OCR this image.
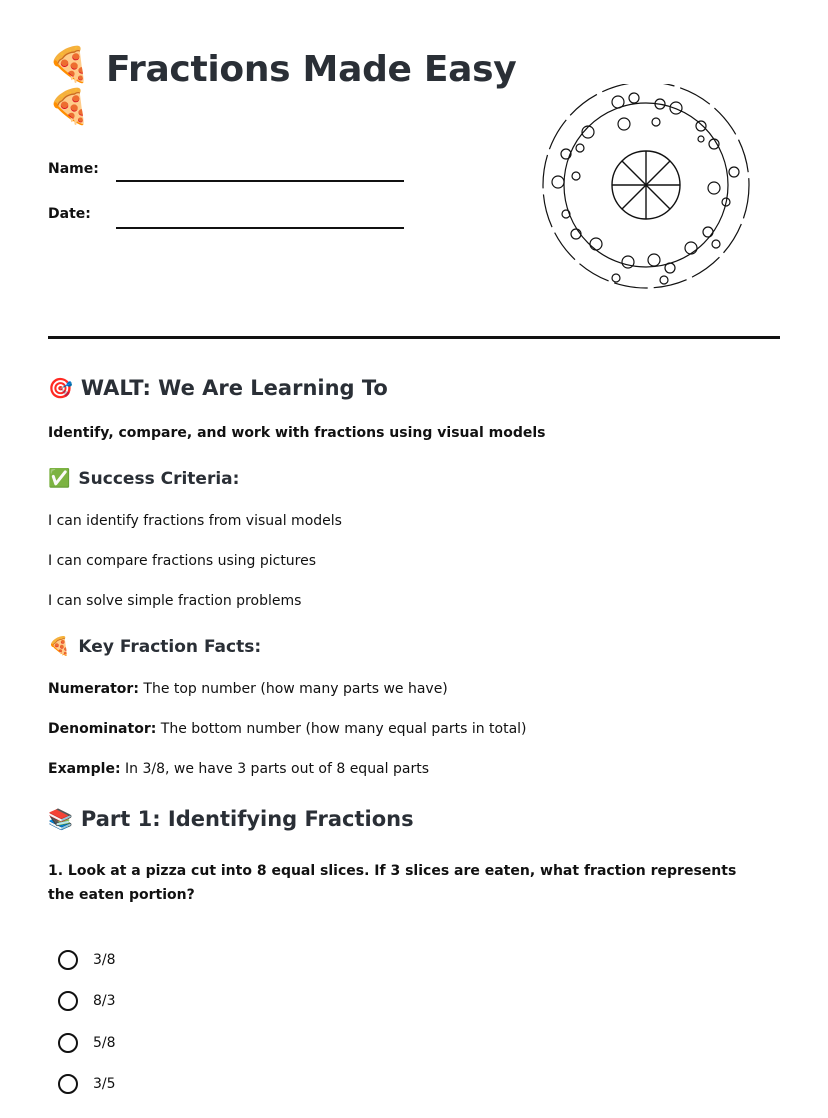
🍕
🍕
Fractions Made Easy
Name:
Date:
🎯 WALT: We Are Learning To
Identify, compare, and work with fractions using visual models
✅ Success Criteria:
I can identify fractions from visual models
I can compare fractions using pictures
I can solve simple fraction problems
🍕 Key Fraction Facts:
Numerator: The top number (how many parts we have)
Denominator: The bottom number (how many equal parts in total)
Example: In 3/8, we have 3 parts out of 8 equal parts
📚 Part 1: Identifying Fractions
1. Look at a pizza cut into 8 equal slices. If 3 slices are eaten, what fraction represents the eaten portion?
3/8
8/3
5/8
3/5
